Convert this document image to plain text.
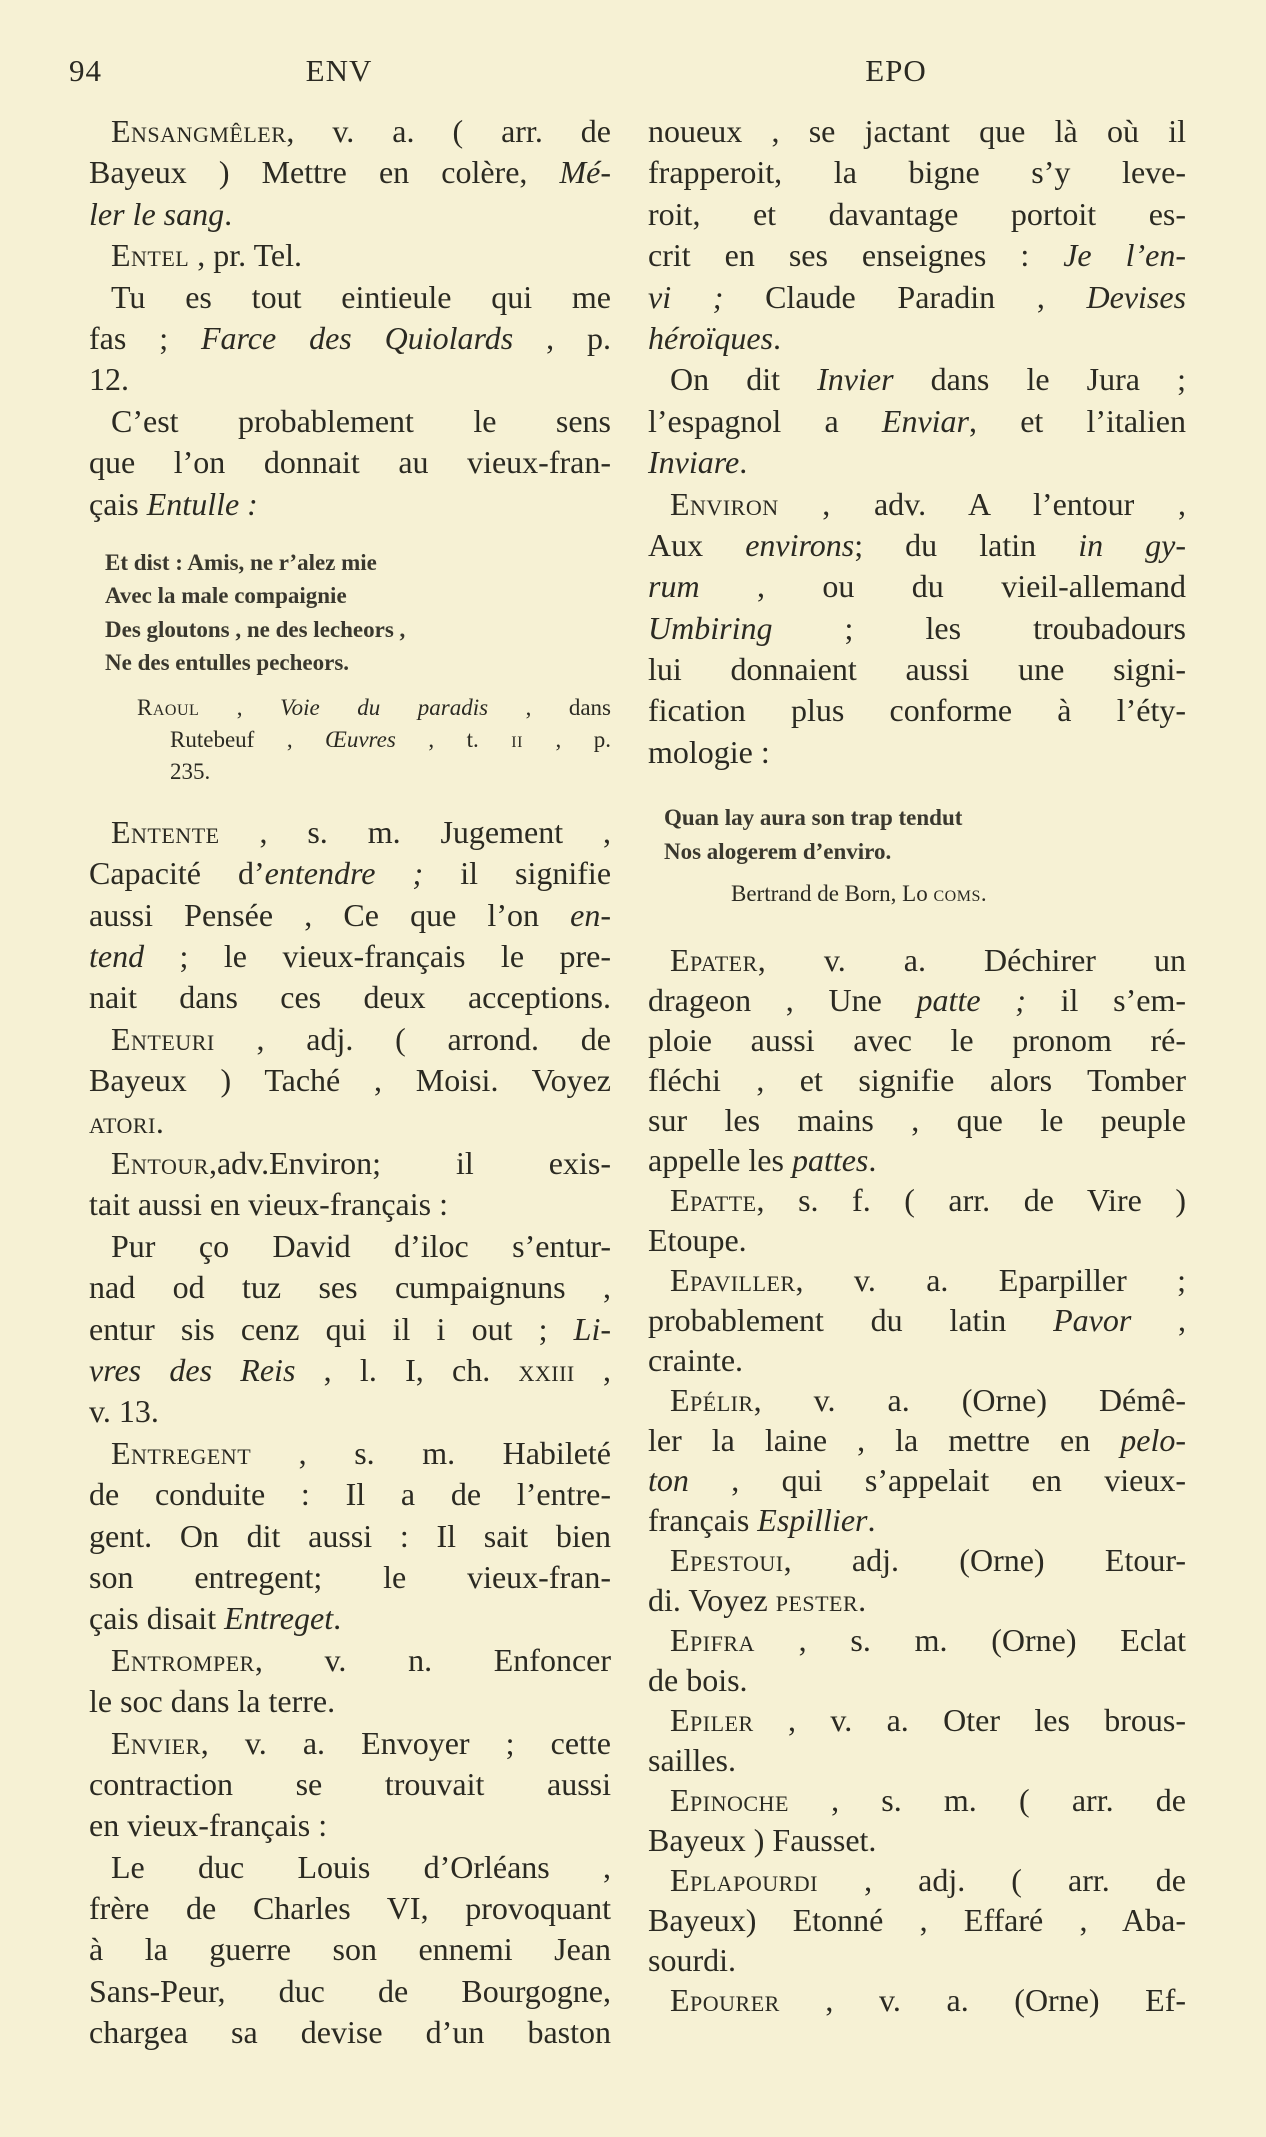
94	ENV	EPO
Ensangmêler, v. a. ( arr. de
Bayeux ) Mettre en colère, Mé-
ler le sang.
Entel , pr. Tel.
Tu es tout eintieule qui me
fas ; Farce des Quiolards , p.
12.
C’est probablement le sens
que l’on donnait au vieux-fran-
çais Entulle :
Et dist : Amis, ne r’alez mie
Avec la male compaignie
Des gloutons , ne des lecheors ,
Ne des entulles pecheors.
Raoul , Voie du paradis , dans
Rutebeuf , Œuvres , t. ii , p.
235.
Entente , s. m. Jugement ,
Capacité d’entendre ; il signifie
aussi Pensée , Ce que l’on en-
tend ; le vieux-français le pre-
nait dans ces deux acceptions.
Enteuri , adj. ( arrond. de
Bayeux ) Taché , Moisi. Voyez
atori.
Entour,adv.Environ; il exis-
tait aussi en vieux-français :
Pur ço David d’iloc s’entur-
nad od tuz ses cumpaignuns ,
entur sis cenz qui il i out ; Li-
vres des Reis , l. I, ch. xxiii ,
v. 13.
Entregent , s. m. Habileté
de conduite : Il a de l’entre-
gent. On dit aussi : Il sait bien
son entregent; le vieux-fran-
çais disait Entreget.
Entromper, v. n. Enfoncer
le soc dans la terre.
Envier, v. a. Envoyer ; cette
contraction se trouvait aussi
en vieux-français :
Le duc Louis d’Orléans ,
frère de Charles VI, provoquant
à la guerre son ennemi Jean
Sans-Peur, duc de Bourgogne,
chargea sa devise d’un baston
noueux , se jactant que là où il
frapperoit, la bigne s’y leve-
roit, et davantage portoit es-
crit en ses enseignes : Je l’en-
vi ; Claude Paradin , Devises
héroïques.
On dit Invier dans le Jura ;
l’espagnol a Enviar, et l’italien
Inviare.
Environ , adv. A l’entour ,
Aux environs; du latin in gy-
rum , ou du vieil-allemand
Umbiring ; les troubadours
lui donnaient aussi une signi-
fication plus conforme à l’éty-
mologie :
Quan lay aura son trap tendut
Nos alogerem d’enviro.
Bertrand de Born, Lo coms.
Epater, v. a. Déchirer un
drageon , Une patte ; il s’em-
ploie aussi avec le pronom ré-
fléchi , et signifie alors Tomber
sur les mains , que le peuple
appelle les pattes.
Epatte, s. f. ( arr. de Vire )
Etoupe.
Epaviller, v. a. Eparpiller ;
probablement du latin Pavor ,
crainte.
Epélir, v. a. (Orne) Démê-
ler la laine , la mettre en pelo-
ton , qui s’appelait en vieux-
français Espillier.
Epestoui, adj. (Orne) Etour-
di. Voyez pester.
Epifra , s. m. (Orne) Eclat
de bois.
Epiler , v. a. Oter les brous-
sailles.
Epinoche , s. m. ( arr. de
Bayeux ) Fausset.
Eplapourdi , adj. ( arr. de
Bayeux) Etonné , Effaré , Aba-
sourdi.
Epourer , v. a. (Orne) Ef-
